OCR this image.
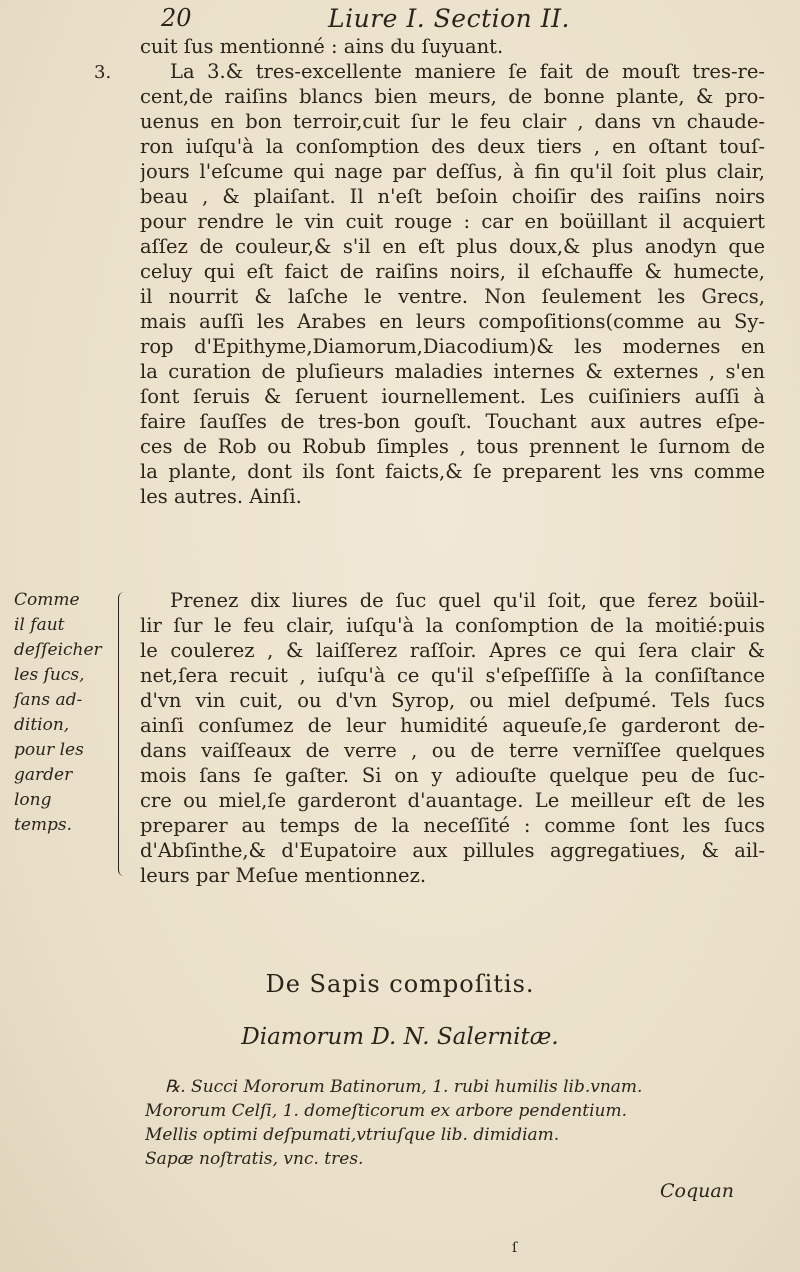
20	Liure I. Section II.
3.
cuit ſus mentionné : ains du ſuyuant.
La 3.& tres-excellente maniere ſe fait de mouſt tres-re-
cent,de raiſins blancs bien meurs, de bonne plante, & pro-
uenus en bon terroir,cuit ſur le feu clair , dans vn chaude-
ron iuſqu'à la conſomption des deux tiers , en oſtant touſ-
jours l'eſcume qui nage par deſſus, à fin qu'il ſoit plus clair,
beau , & plaiſant. Il n'eſt beſoin choiſir des raiſins noirs
pour rendre le vin cuit rouge : car en boüillant il acquiert
aſſez de couleur,& s'il en eſt plus doux,& plus anodyn que
celuy qui eſt faict de raiſins noirs, il eſchauffe & humecte,
il nourrit & laſche le ventre. Non ſeulement les Grecs,
mais auſſi les Arabes en leurs compoſitions(comme au Sy-
rop d'Epithyme,Diamorum,Diacodium)& les modernes en
la curation de pluſieurs maladies internes & externes , s'en
ſont ſeruis & ſeruent iournellement. Les cuiſiniers auſſi à
faire ſauſſes de tres-bon gouſt. Touchant aux autres eſpe-
ces de Rob ou Robub ſimples , tous prennent le ſurnom de
la plante, dont ils ſont faicts,& ſe preparent les vns comme
les autres. Ainſi.
Comme
il faut
deſſeicher
les ſucs,
ſans ad-
dition,
pour les
garder
long
temps.
Prenez dix liures de ſuc quel qu'il ſoit, que ferez boüil-
lir ſur le feu clair, iuſqu'à la conſomption de la moitié:puis
le coulerez , & laiſſerez raſſoir. Apres ce qui ſera clair &
net,ſera recuit , iuſqu'à ce qu'il s'eſpeſſiſſe à la conſiſtance
d'vn vin cuit, ou d'vn Syrop, ou miel deſpumé. Tels ſucs
ainſi conſumez de leur humidité aqueuſe,ſe garderont de-
dans vaiſſeaux de verre , ou de terre vernïſſee quelques
mois ſans ſe gaſter. Si on y adiouſte quelque peu de ſuc-
cre ou miel,ſe garderont d'auantage. Le meilleur eſt de les
preparer au temps de la neceſſité : comme ſont les ſucs
d'Abſinthe,& d'Eupatoire aux pillules aggregatiues, & ail-
leurs par Meſue mentionnez.
De Sapis compoſitis.
Diamorum D. N. Salernitæ.
℞. Succi Mororum Batinorum, 1. rubi humilis lib.vnam.
Mororum Celſi, 1. domeſticorum ex arbore pendentium.
Mellis optimi deſpumati,vtriuſque lib. dimidiam.
Sapæ noſtratis, vnc. tres.
Coquan
ſ
